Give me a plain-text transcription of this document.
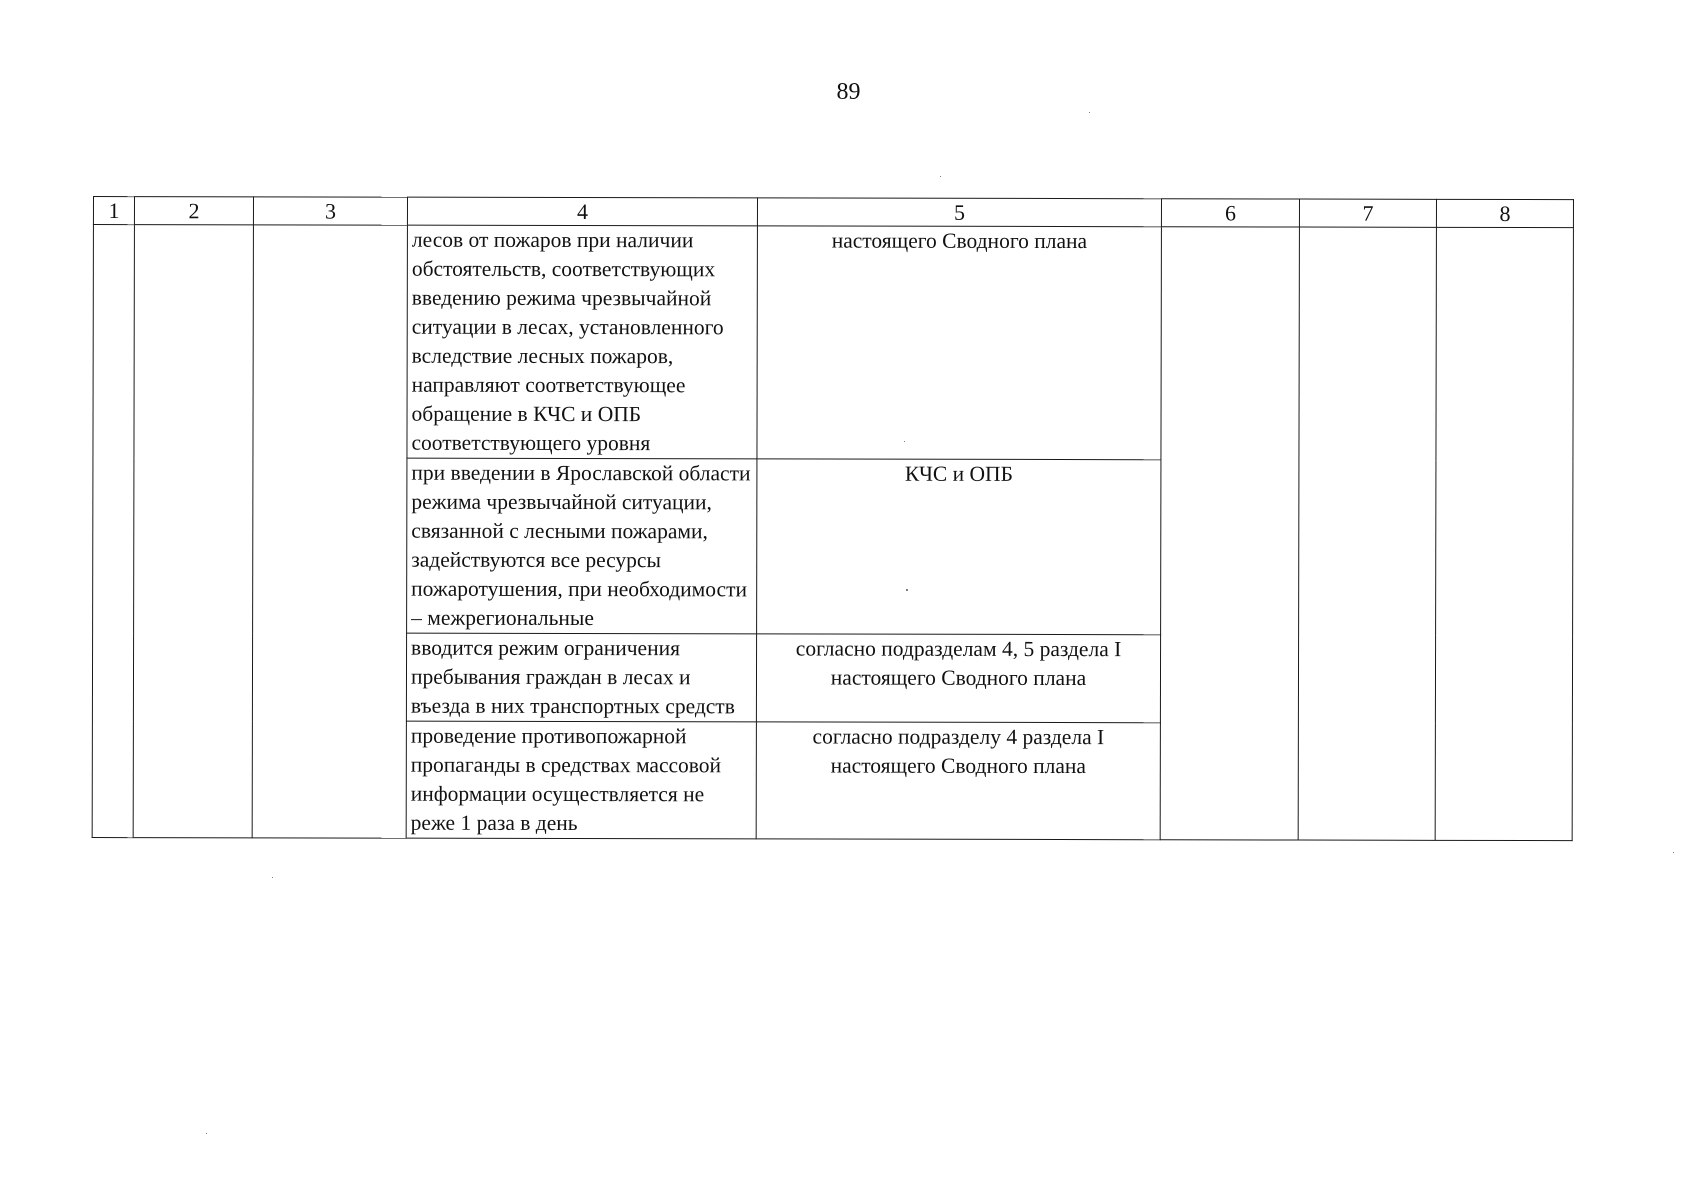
89
1	2	3	4	5	6	7	8
			лесов от пожаров при наличии обстоятельств, соответствующих введению режима чрезвычайной ситуации в лесах, установленного вследствие лесных пожаров, направляют соответствующее обращение в КЧС и ОПБ соответствующего уровня	настоящего Сводного плана			
			при введении в Ярославской области режима чрезвычайной ситуации, связанной с лесными пожарами, задействуются все ресурсы пожаротушения, при необходимости – межрегиональные	КЧС и ОПБ			
			вводится режим ограничения пребывания граждан в лесах и въезда в них транспортных средств	согласно подразделам 4, 5 раздела I настоящего Сводного плана			
			проведение противопожарной пропаганды в средствах массовой информации осуществляется не реже 1 раза в день	согласно подразделу 4 раздела I настоящего Сводного плана			
